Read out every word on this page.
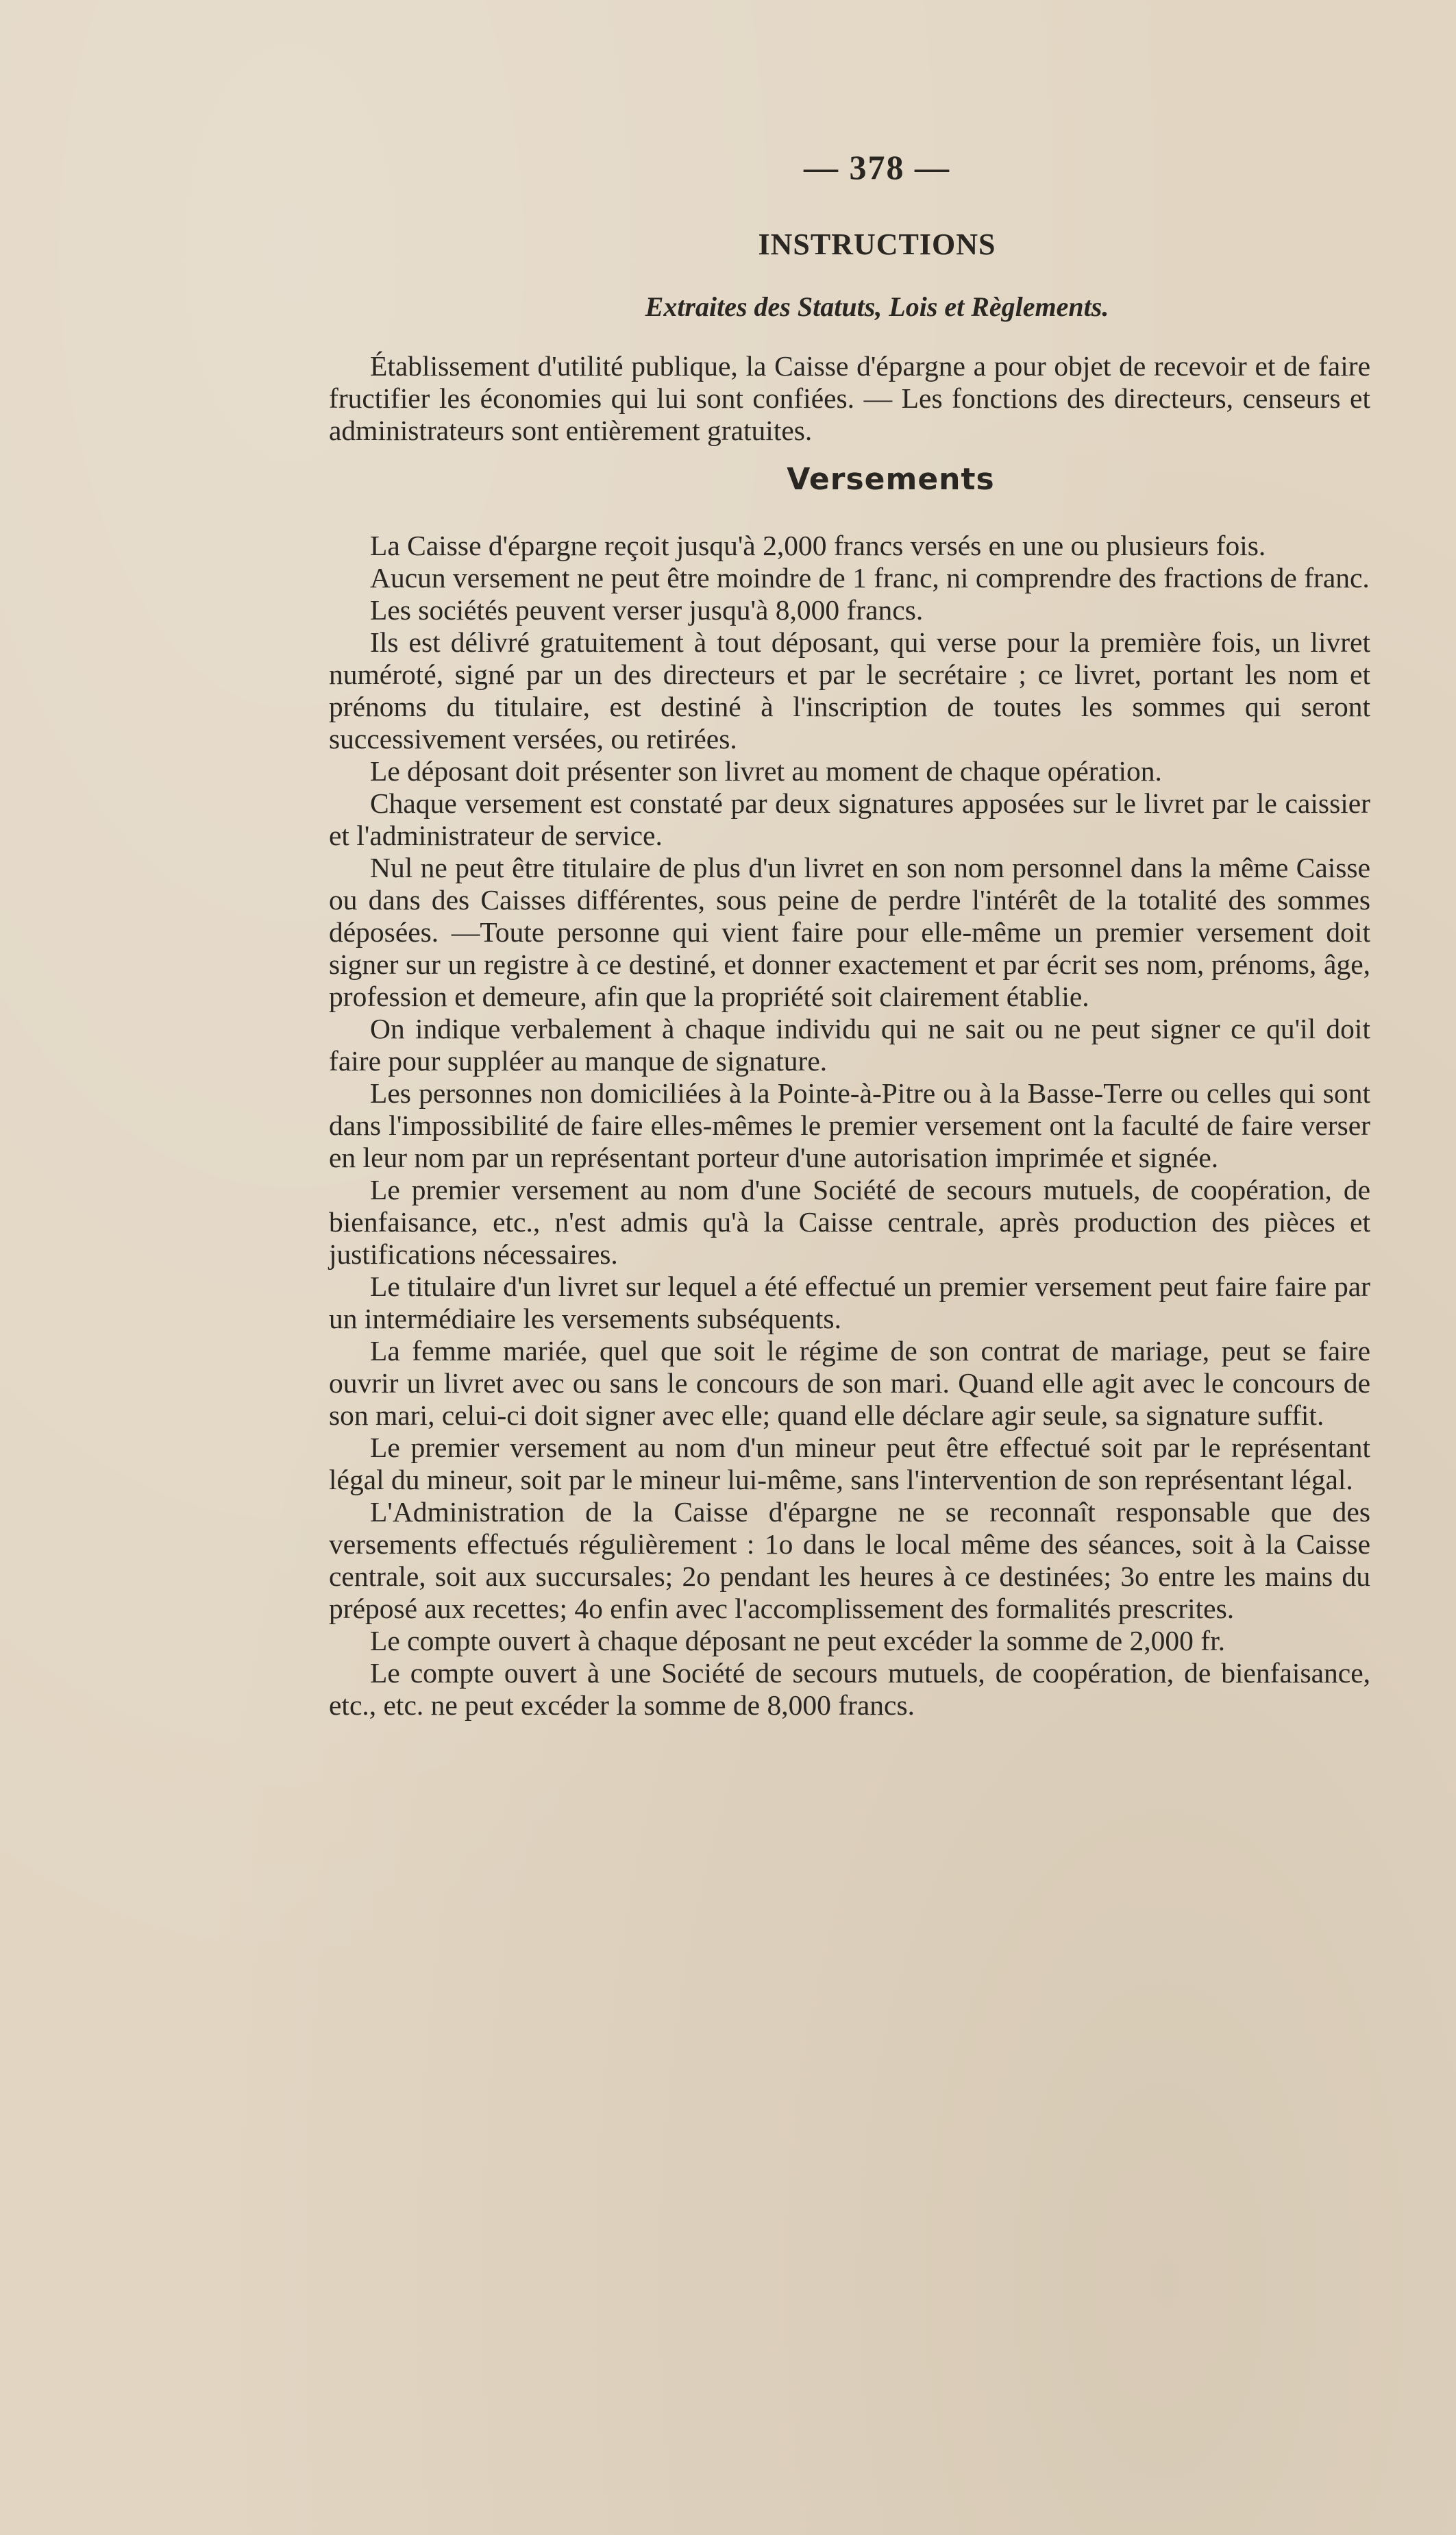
— 378 —
INSTRUCTIONS
Extraites des Statuts, Lois et Règlements.

Établissement d'utilité publique, la Caisse d'épargne a pour objet de recevoir et de faire fructifier les économies qui lui sont confiées. — Les fonctions des directeurs, censeurs et administrateurs sont entièrement gratuites.

Versements

La Caisse d'épargne reçoit jusqu'à 2,000 francs versés en une ou plusieurs fois.

Aucun versement ne peut être moindre de 1 franc, ni comprendre des fractions de franc.

Les sociétés peuvent verser jusqu'à 8,000 francs.

Ils est délivré gratuitement à tout déposant, qui verse pour la première fois, un livret numéroté, signé par un des directeurs et par le secrétaire ; ce livret, portant les nom et prénoms du titulaire, est destiné à l'inscription de toutes les sommes qui seront successivement versées, ou retirées.

Le déposant doit présenter son livret au moment de chaque opération.

Chaque versement est constaté par deux signatures apposées sur le livret par le caissier et l'administrateur de service.

Nul ne peut être titulaire de plus d'un livret en son nom personnel dans la même Caisse ou dans des Caisses différentes, sous peine de perdre l'intérêt de la totalité des sommes déposées. —Toute personne qui vient faire pour elle-même un premier versement doit signer sur un registre à ce destiné, et donner exactement et par écrit ses nom, prénoms, âge, profession et demeure, afin que la propriété soit clairement établie.

On indique verbalement à chaque individu qui ne sait ou ne peut signer ce qu'il doit faire pour suppléer au manque de signature.

Les personnes non domiciliées à la Pointe-à-Pitre ou à la Basse-Terre ou celles qui sont dans l'impossibilité de faire elles-mêmes le premier versement ont la faculté de faire verser en leur nom par un représentant porteur d'une autorisation imprimée et signée.

Le premier versement au nom d'une Société de secours mutuels, de coopération, de bienfaisance, etc., n'est admis qu'à la Caisse centrale, après production des pièces et justifications nécessaires.

Le titulaire d'un livret sur lequel a été effectué un premier versement peut faire faire par un intermédiaire les versements subséquents.

La femme mariée, quel que soit le régime de son contrat de mariage, peut se faire ouvrir un livret avec ou sans le concours de son mari. Quand elle agit avec le concours de son mari, celui-ci doit signer avec elle; quand elle déclare agir seule, sa signature suffit.

Le premier versement au nom d'un mineur peut être effectué soit par le représentant légal du mineur, soit par le mineur lui-même, sans l'intervention de son représentant légal.

L'Administration de la Caisse d'épargne ne se reconnaît responsable que des versements effectués régulièrement : 1o dans le local même des séances, soit à la Caisse centrale, soit aux succursales; 2o pendant les heures à ce destinées; 3o entre les mains du préposé aux recettes; 4o enfin avec l'accomplissement des formalités prescrites.

Le compte ouvert à chaque déposant ne peut excéder la somme de 2,000 fr.

Le compte ouvert à une Société de secours mutuels, de coopération, de bienfaisance, etc., etc. ne peut excéder la somme de 8,000 francs.
